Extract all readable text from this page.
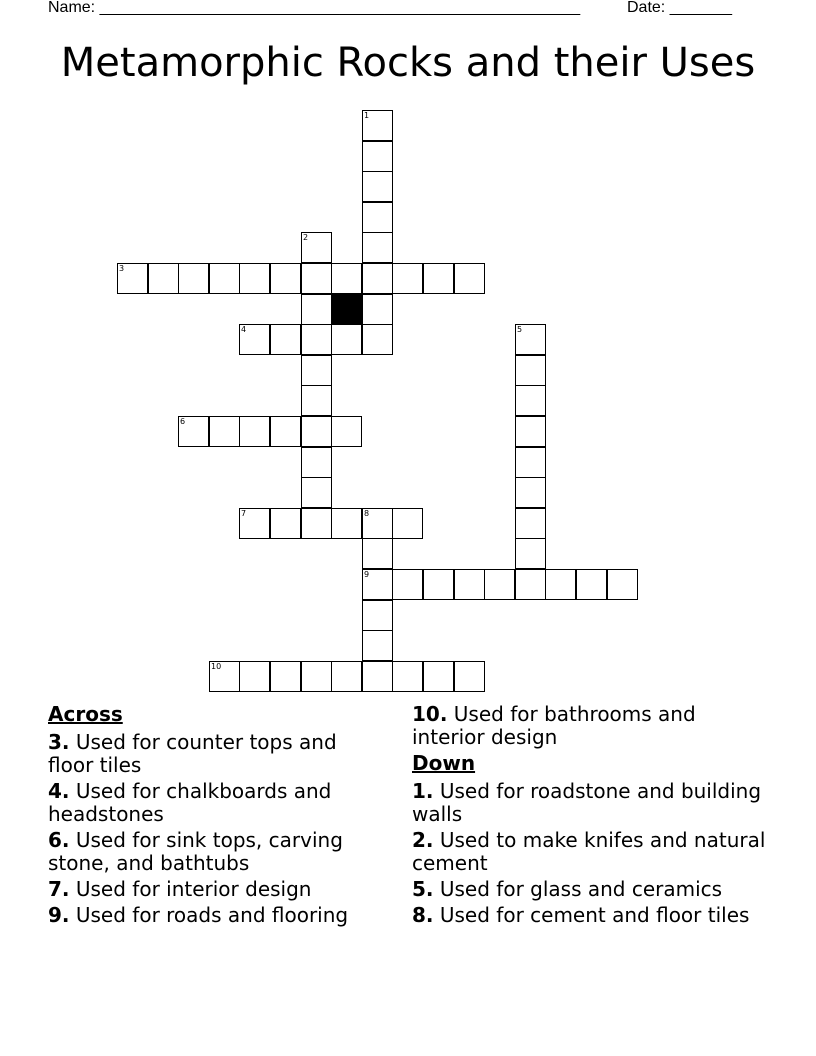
Name: ______________________________________________________	Date: _______
Metamorphic Rocks and their Uses
1
2
3
4	5
6
7	8
9
10
Across
3. Used for counter tops and floor tiles
4. Used for chalkboards and headstones
6. Used for sink tops, carving stone, and bathtubs
7. Used for interior design
9. Used for roads and flooring
10. Used for bathrooms and interior design
Down
1. Used for roadstone and building walls
2. Used to make knifes and natural cement
5. Used for glass and ceramics
8. Used for cement and floor tiles
